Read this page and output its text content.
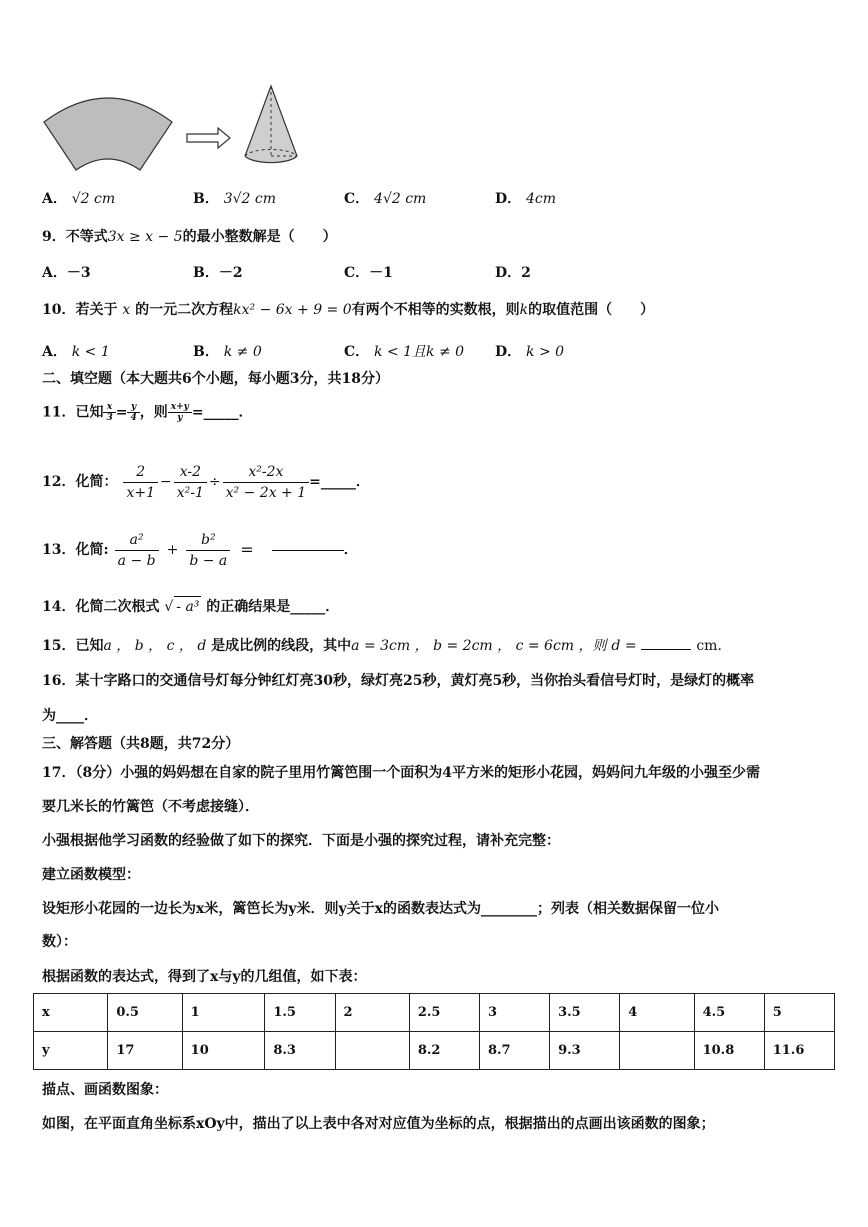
A． √2 cm	B． 3√2 cm	C． 4√2 cm	D． 4cm
9．不等式3x ≥ x − 5的最小整数解是（　　）
A．－3	B．－2	C．－1	D．2
10．若关于 x 的一元二次方程kx² − 6x + 9 = 0有两个不相等的实数根，则k的取值范围（　　）
A． k < 1	B． k ≠ 0	C． k < 1且k ≠ 0 D． k > 0
二、填空题（本大题共6个小题，每小题3分，共18分）
11．已知 $\frac{x}{3} = \frac{y}{4}$ ，则 $\frac{x+y}{y}$ =_____．
12．化简： $\frac{2}{x+1} - \frac{x-2}{\text{x²-1}} \div \frac{\text{x²-2x}}{\text{x² − 2x + 1}}$ =_____．
13．化简: $\frac{\text{a²}}{a - b} + \frac{\text{b²}}{b - a}$ =	．
14．化简二次根式 √ - a³ 的正确结果是_____．
15．已知a ， b ， c ， d 是成比例的线段，其中a = 3cm ， b = 2cm ， c = 6cm ，则 d =	cm．
16．某十字路口的交通信号灯每分钟红灯亮30秒，绿灯亮25秒，黄灯亮5秒，当你抬头看信号灯时，是绿灯的概率
为____．
三、解答题（共8题，共72分）
17．（8分）小强的妈妈想在自家的院子里用竹篱笆围一个面积为4平方米的矩形小花园，妈妈问九年级的小强至少需
要几米长的竹篱笆（不考虑接缝）．
小强根据他学习函数的经验做了如下的探究．下面是小强的探究过程，请补充完整：
建立函数模型：
设矩形小花园的一边长为x米，篱笆长为y米．则y关于x的函数表达式为________；列表（相关数据保留一位小
数）：
根据函数的表达式，得到了x与y的几组值，如下表：
x	0.5	1	1.5	2	2.5	3	3.5	4	4.5	5
y	17	10	8.3		8.2	8.7	9.3		10.8	11.6
描点、画函数图象：
如图，在平面直角坐标系xOy中，描出了以上表中各对对应值为坐标的点，根据描出的点画出该函数的图象；
